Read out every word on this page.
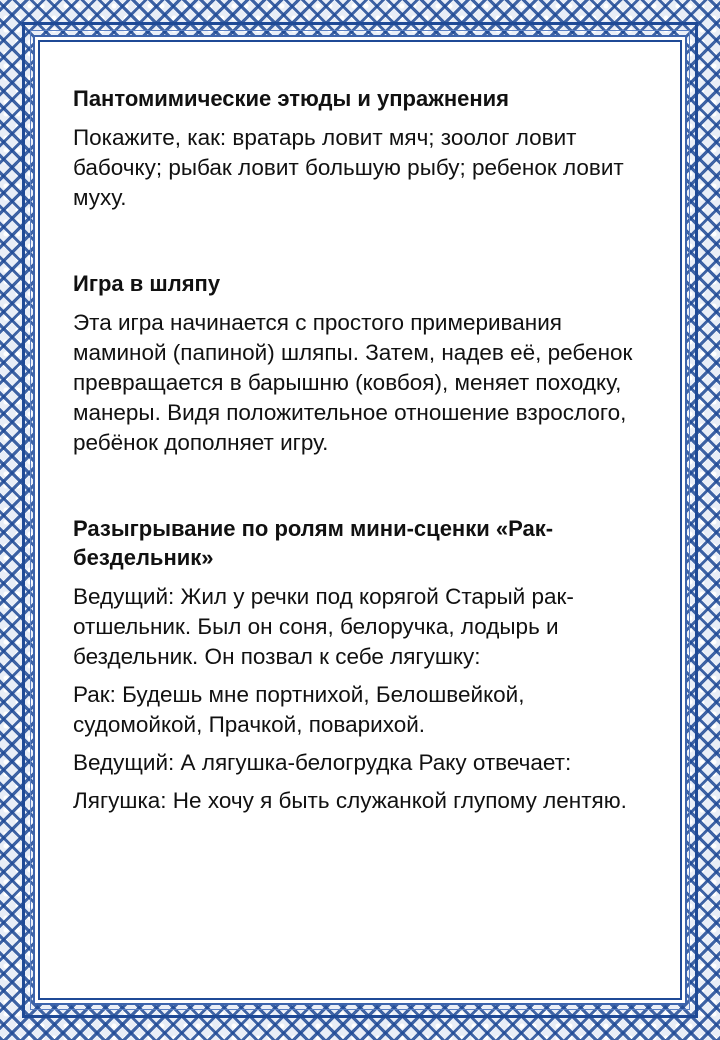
Пантомимические этюды и упражнения

Покажите, как: вратарь ловит мяч; зоолог ловит бабочку; рыбак ловит большую рыбу; ребенок ловит муху.

Игра в шляпу

Эта игра начинается с простого примеривания маминой (папиной) шляпы. Затем, надев её, ребенок превращается в барышню (ковбоя), меняет походку, манеры. Видя положительное отношение взрослого, ребёнок дополняет игру.

Разыгрывание по ролям мини-сценки «Рак-бездельник»

Ведущий: Жил у речки под корягой Старый рак-отшельник. Был он соня, белоручка, лодырь и бездельник. Он позвал к себе лягушку:

Рак: Будешь мне портнихой, Белошвейкой, судомойкой, Прачкой, поварихой.

Ведущий: А лягушка-белогрудка Раку отвечает:

Лягушка: Не хочу я быть служанкой глупому лентяю.
